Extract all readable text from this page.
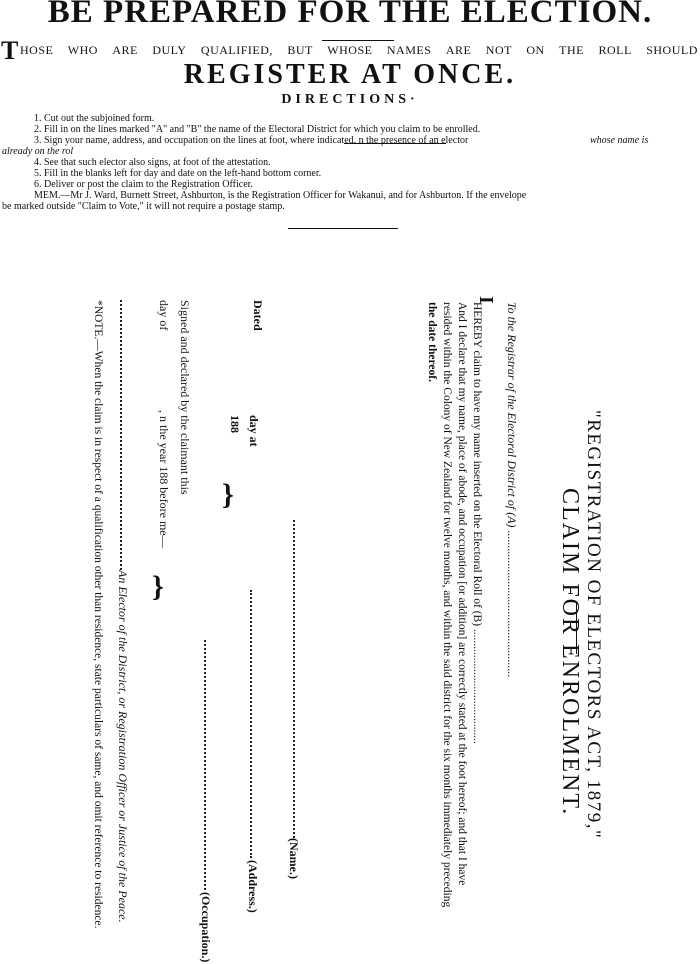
BE PREPARED FOR THE ELECTION.
T HOSE WHO ARE DULY QUALIFIED, BUT WHOSE NAMES ARE NOT ON THE ROLL SHOULD
REGISTER AT ONCE.
DIRECTIONS·
1. Cut out the subjoined form.
2. Fill in on the lines marked "A" and "B" the name of the Electoral District for which you claim to be enrolled.
3. Sign your name, address, and occupation on the lines at foot, where indicated. n the presence of an elector	whose name is
already on the rol
4. See that such elector also signs, at foot of the attestation.
5. Fill in the blanks left for day and date on the left-hand bottom corner.
6. Deliver or post the claim to the Registration Officer.
MEM.—Mr J. Ward, Burnett Street, Ashburton, is the Registration Officer for Wakanui, and for Ashburton. If the envelope
be marked outside "Claim to Vote," it will not require a postage stamp.
"REGISTRATION OF ELECTORS ACT, 1879,"
CLAIM FOR ENROLMENT.
To the Registrar of the Electoral District of (A) .................................................
I
HEREBY claim to have my name inserted on the Electoral Roll of (B) ........................................
And I declare that my name, place of abode, and occupation [or addition] are correctly stated at the foot hereof; and that I have
resided within the Colony of New Zealand for twelve months, and within the said district for the six months immediately preceding
the date thereof.
(Name.)
(Address.)
(Occupation.)
Dated
day at
188
}
Signed and declared by the claimant this
day of
, n the year 188 before me—
}
An Elector of the District, or Registration Officer or Justice of the Peace.
*NOTE.—When the claim is in respect of a qualification other than residence, state particulars of same, and omit reference to residence.
